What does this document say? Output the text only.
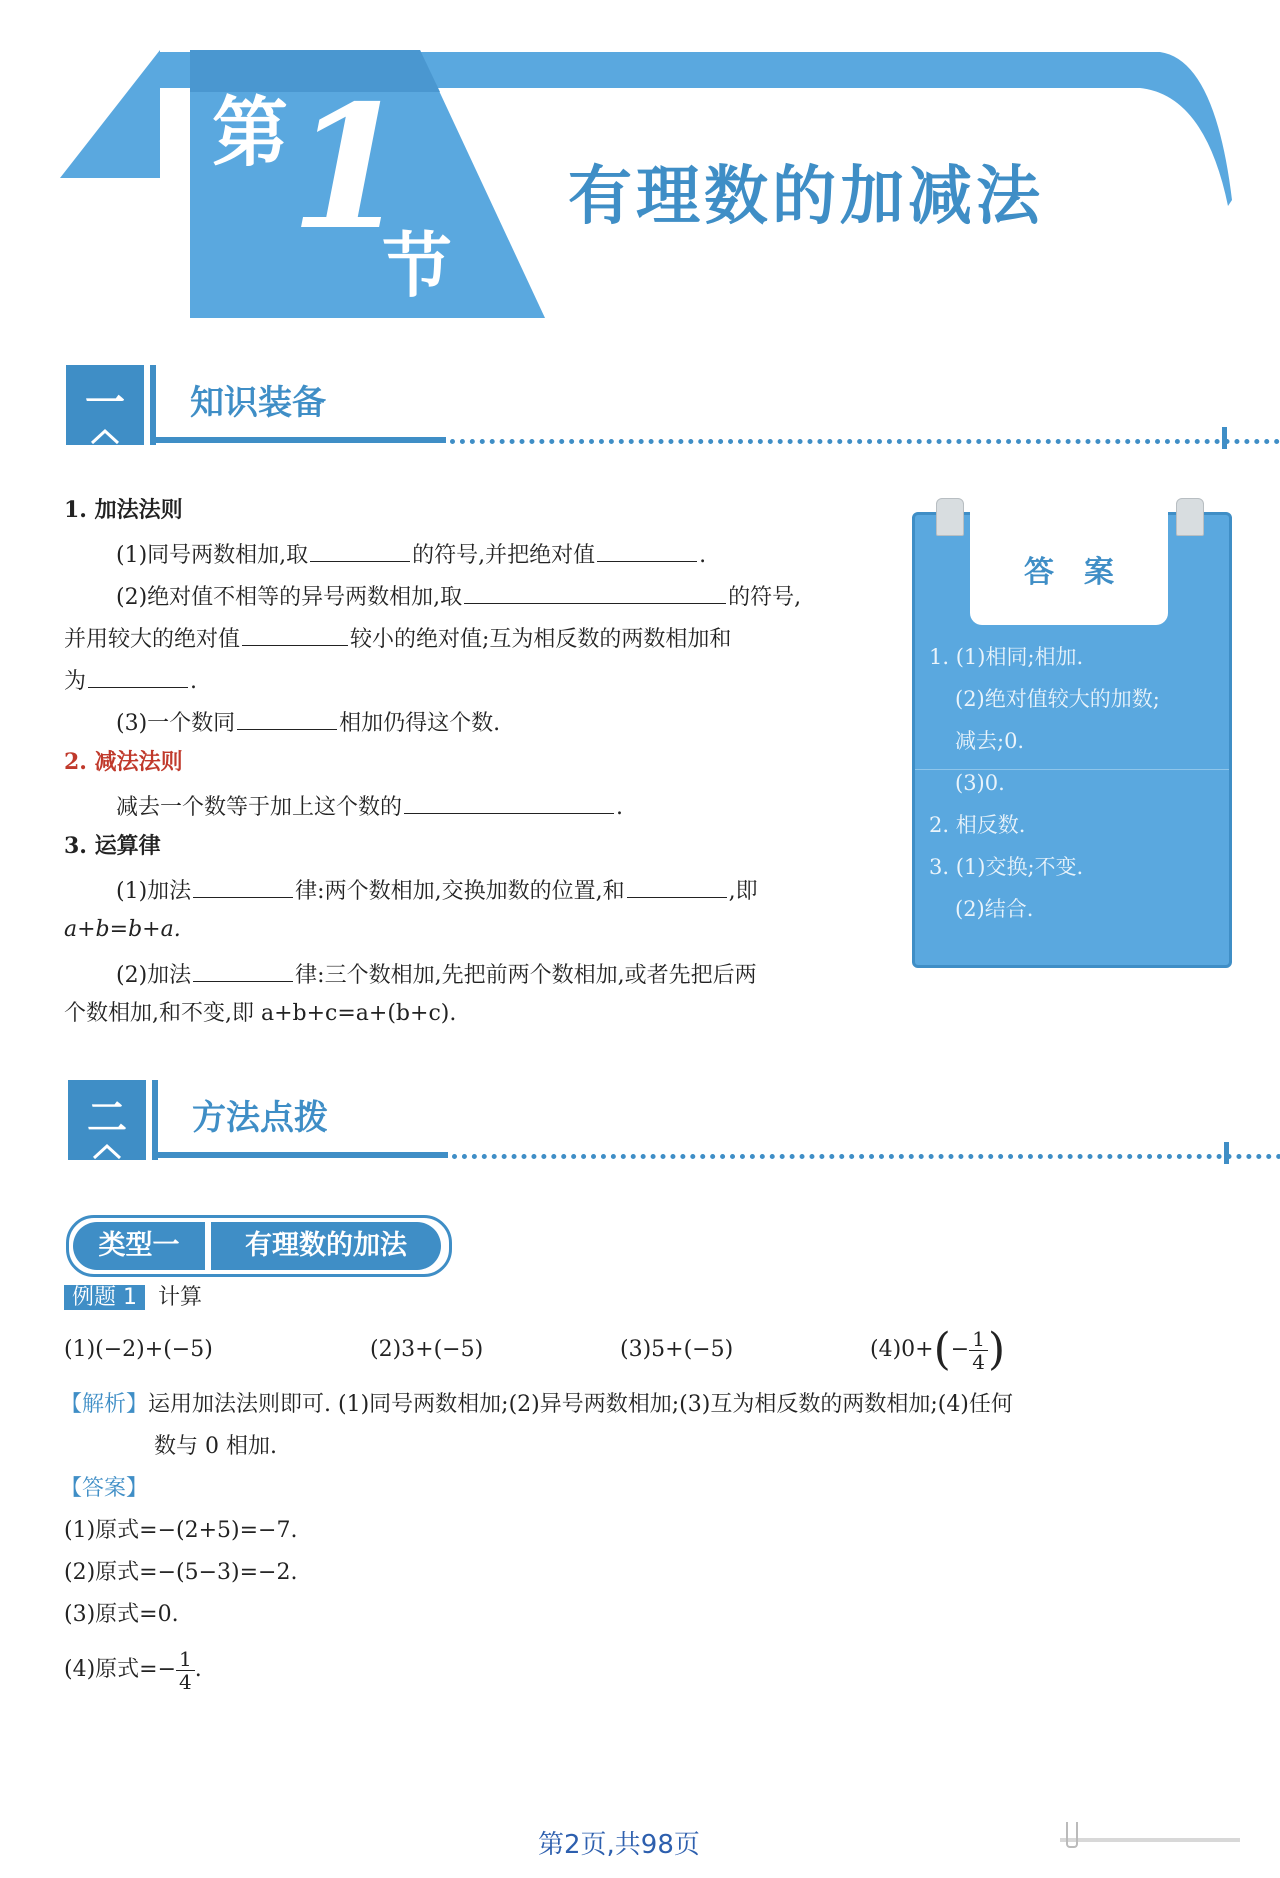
第 1
节
有理数的加减法
一	知识装备
1. 加法法则
(1)同号两数相加,取	的符号,并把绝对值	.
(2)绝对值不相等的异号两数相加,取	的符号,
并用较大的绝对值	较小的绝对值;互为相反数的两数相加和
为	.
(3)一个数同	相加仍得这个数.
2. 减法法则
减去一个数等于加上这个数的	.
3. 运算律
(1)加法	律:两个数相加,交换加数的位置,和	,即
a+b=b+a.
(2)加法	律:三个数相加,先把前两个数相加,或者先把后两
个数相加,和不变,即 a+b+c=a+(b+c).
1. (1)相同;相加.
(2)绝对值较大的加数;
减去;0.
(3)0.
2. 相反数.
3. (1)交换;不变.
(2)结合.
答　案
二	方法点拨
类型一	有理数的加法
例题 1 计算
(1)(−2)+(−5)	(2)3+(−5)	(3)5+(−5)	$(4)0+(- \frac{1}{4}$ )
【解析】运用加法法则即可. (1)同号两数相加;(2)异号两数相加;(3)互为相反数的两数相加;(4)任何
数与 0 相加.
【答案】
(1)原式=−(2+5)=−7.
(2)原式=−(5−3)=−2.
(3)原式=0.
(4)原式=− $\frac{1}{4}$ .
第2页,共98页
